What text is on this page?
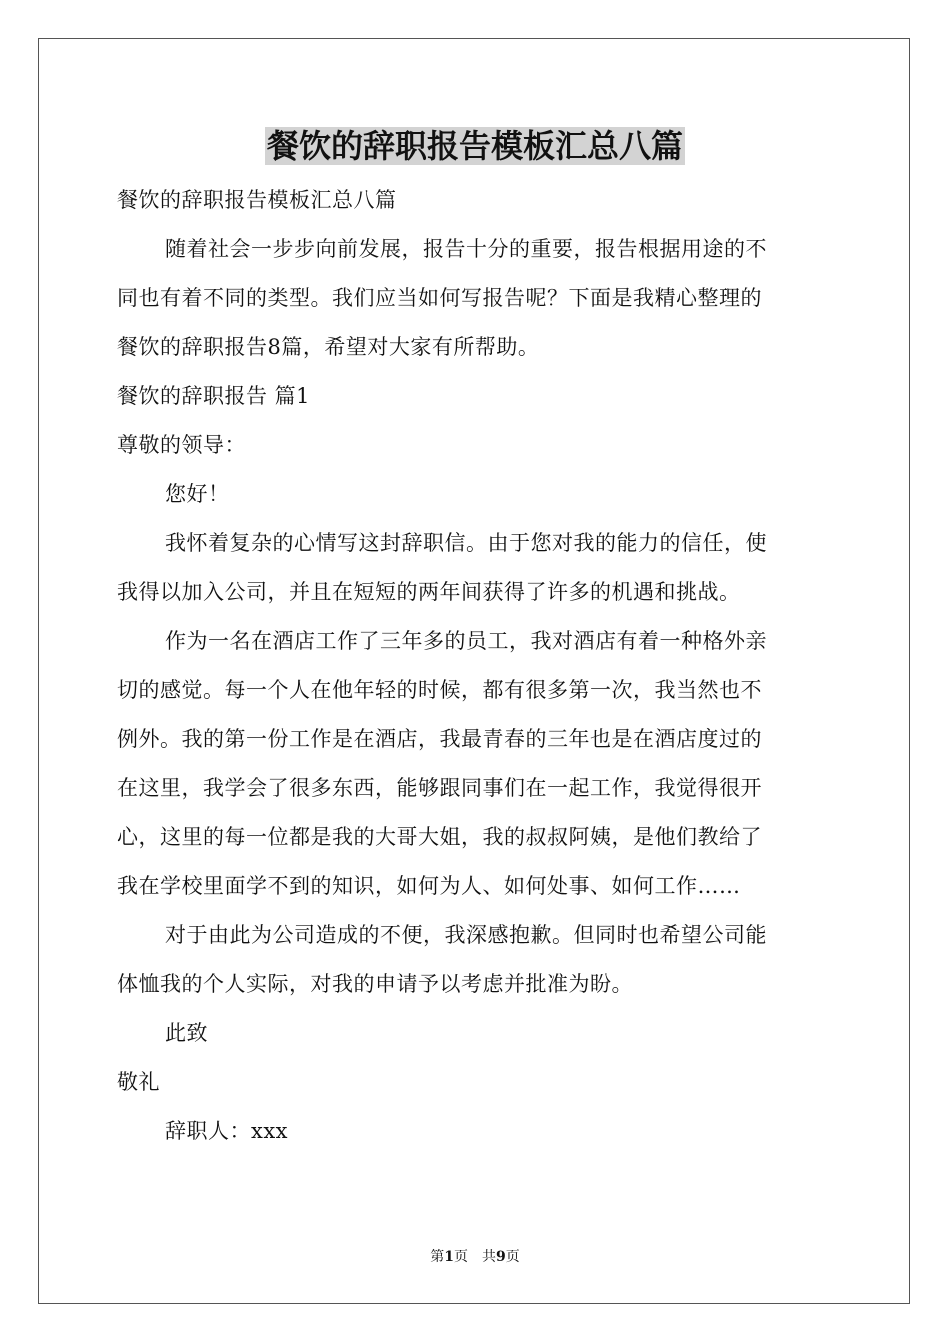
餐饮的辞职报告模板汇总八篇

餐饮的辞职报告模板汇总八篇

随着社会一步步向前发展，报告十分的重要，报告根据用途的不

同也有着不同的类型。我们应当如何写报告呢？下面是我精心整理的

餐饮的辞职报告8篇，希望对大家有所帮助。

餐饮的辞职报告 篇1

尊敬的领导：

您好！

我怀着复杂的心情写这封辞职信。由于您对我的能力的信任，使

我得以加入公司，并且在短短的两年间获得了许多的机遇和挑战。

作为一名在酒店工作了三年多的员工，我对酒店有着一种格外亲

切的感觉。每一个人在他年轻的时候，都有很多第一次，我当然也不

例外。我的第一份工作是在酒店，我最青春的三年也是在酒店度过的

在这里，我学会了很多东西，能够跟同事们在一起工作，我觉得很开

心，这里的每一位都是我的大哥大姐，我的叔叔阿姨，是他们教给了

我在学校里面学不到的知识，如何为人、如何处事、如何工作……

对于由此为公司造成的不便，我深感抱歉。但同时也希望公司能

体恤我的个人实际，对我的申请予以考虑并批准为盼。

此致

敬礼

辞职人：xxx

第1页　共9页
